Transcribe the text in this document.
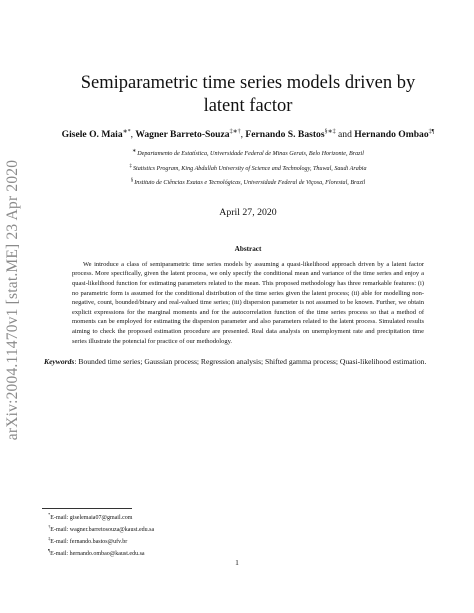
arXiv:2004.11470v1 [stat.ME] 23 Apr 2020
Semiparametric time series models driven by latent factor
Gisele O. Maia∗*, Wagner Barreto-Souza‡∗†, Fernando S. Bastos§∗‡ and Hernando Ombao‡¶
∗Departamento de Estatística, Universidade Federal de Minas Gerais, Belo Horizonte, Brazil
‡Statistics Program, King Abdullah University of Science and Technology, Thuwal, Saudi Arabia
§Instituto de Ciências Exatas e Tecnológicas, Universidade Federal de Viçosa, Florestal, Brazil
April 27, 2020
Abstract
We introduce a class of semiparametric time series models by assuming a quasi-likelihood approach driven by a latent factor process. More specifically, given the latent process, we only specify the conditional mean and variance of the time series and enjoy a quasi-likelihood function for estimating parameters related to the mean. This proposed methodology has three remarkable features: (i) no parametric form is assumed for the conditional distribution of the time series given the latent process; (ii) able for modelling non-negative, count, bounded/binary and real-valued time series; (iii) dispersion parameter is not assumed to be known. Further, we obtain explicit expressions for the marginal moments and for the autocorrelation function of the time series process so that a method of moments can be employed for estimating the dispersion parameter and also parameters related to the latent process. Simulated results aiming to check the proposed estimation procedure are presented. Real data analysis on unemployment rate and precipitation time series illustrate the potencial for practice of our methodology.
Keywords: Bounded time series; Gaussian process; Regression analysis; Shifted gamma process; Quasi-likelihood estimation.
*E-mail: giselemaia07@gmail.com
†E-mail: wagner.barretosouza@kaust.edu.sa
‡E-mail: fernando.bastos@ufv.br
¶E-mail: hernando.ombao@kaust.edu.sa
1
